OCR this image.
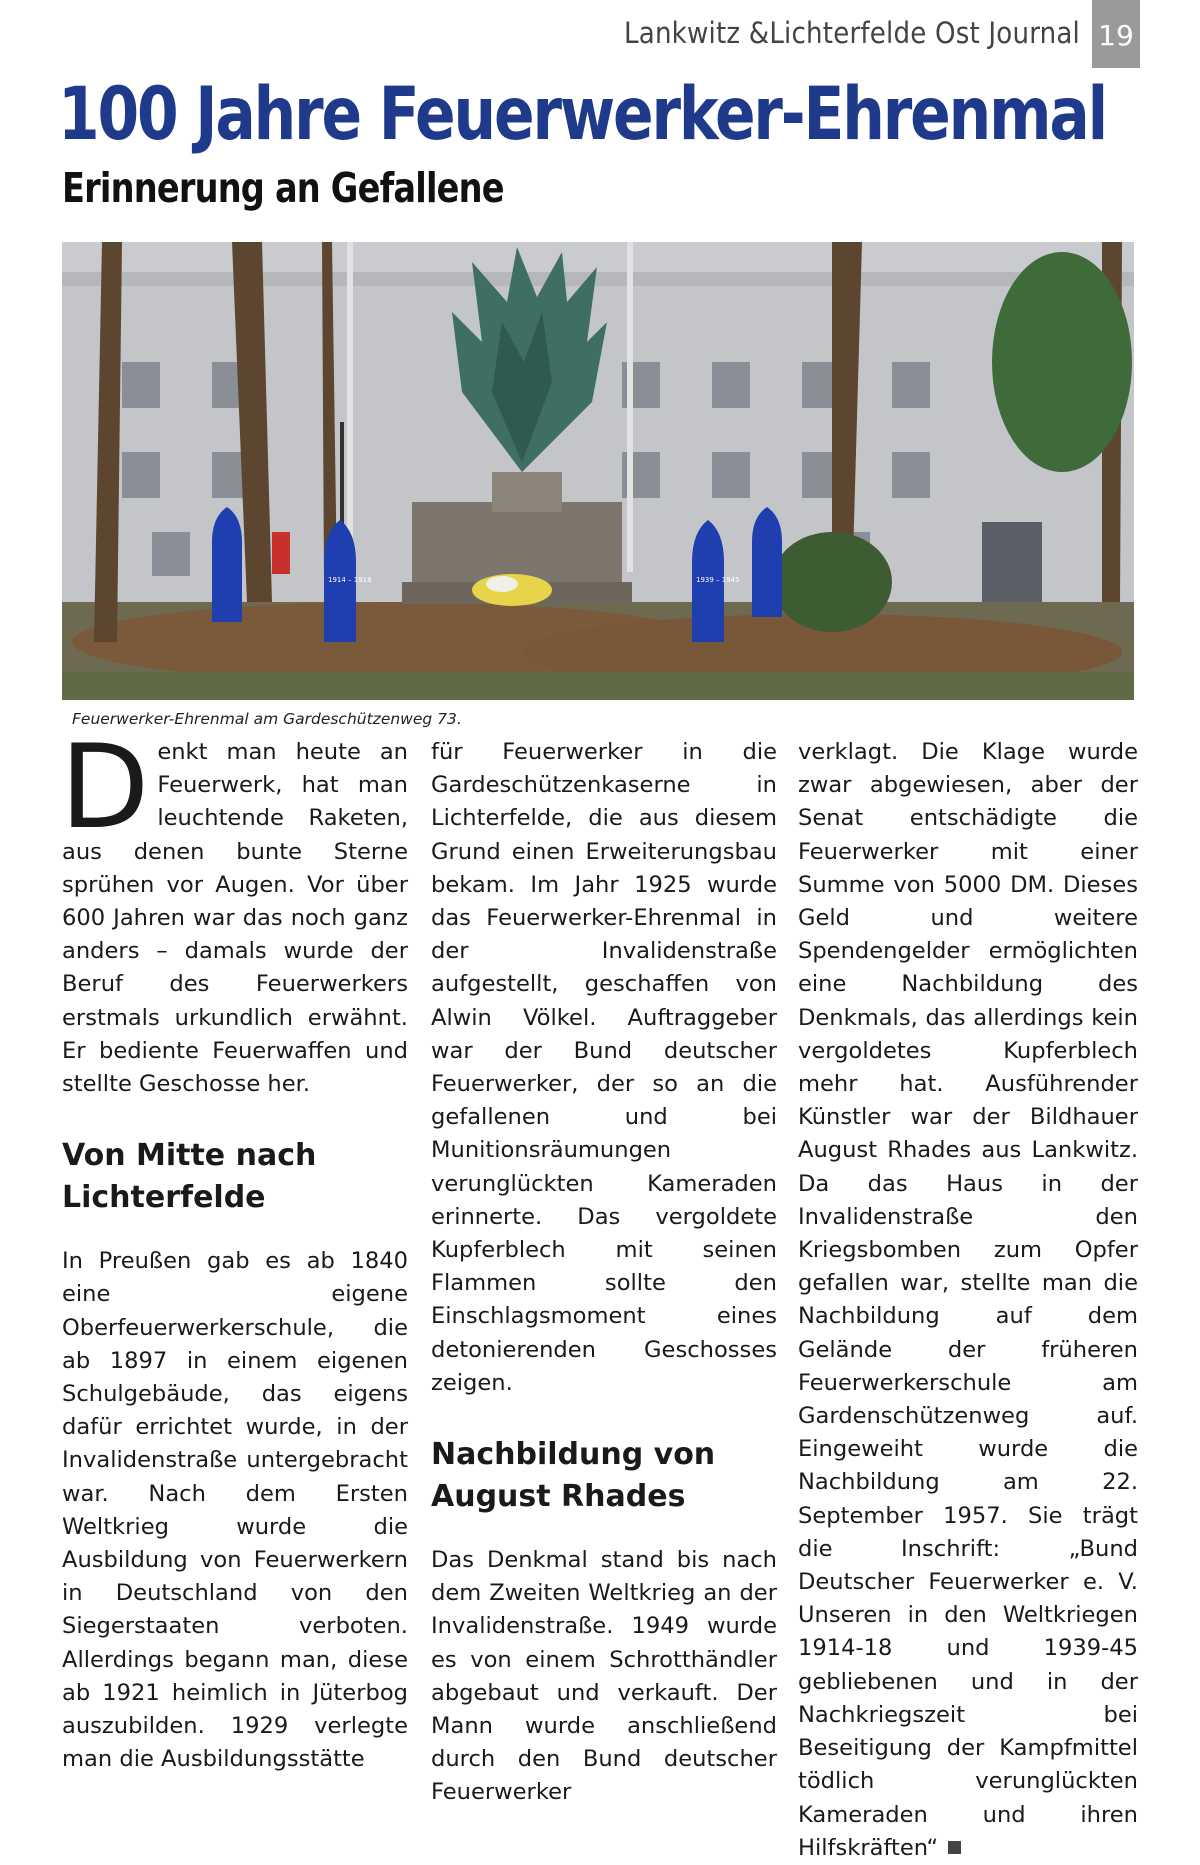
Lankwitz &Lichterfelde Ost Journal 19
100 Jahre Feuerwerker-Ehrenmal
Erinnerung an Gefallene
1914 – 1918	1939 – 1945
Feuerwerker-Ehrenmal am Gardeschützenweg 73.

Denkt man heute an Feuerwerk, hat man leuchtende Raketen, aus denen bunte Sterne sprühen vor Augen. Vor über 600 Jahren war das noch ganz anders – damals wurde der Beruf des Feuerwerkers erstmals urkundlich erwähnt. Er bediente Feuerwaffen und stellte Geschosse her.

Von Mitte nach Lichterfelde

In Preußen gab es ab 1840 eine eigene Oberfeuerwerkerschule, die ab 1897 in einem eigenen Schulgebäude, das eigens dafür errichtet wurde, in der Invalidenstraße untergebracht war. Nach dem Ersten Weltkrieg wurde die Ausbildung von Feuerwerkern in Deutschland von den Siegerstaaten verboten. Allerdings begann man, diese ab 1921 heimlich in Jüterbog auszubilden. 1929 verlegte man die Ausbildungsstätte

für Feuerwerker in die Gardeschützenkaserne in Lichterfelde, die aus diesem Grund einen Erweiterungsbau bekam. Im Jahr 1925 wurde das Feuerwerker-Ehrenmal in der Invalidenstraße aufgestellt, geschaffen von Alwin Völkel. Auftraggeber war der Bund deutscher Feuerwerker, der so an die gefallenen und bei Munitionsräumungen verunglückten Kameraden erinnerte. Das vergoldete Kupferblech mit seinen Flammen sollte den Einschlagsmoment eines detonierenden Geschosses zeigen.

Nachbildung von August Rhades

Das Denkmal stand bis nach dem Zweiten Weltkrieg an der Invalidenstraße. 1949 wurde es von einem Schrotthändler abgebaut und verkauft. Der Mann wurde anschließend durch den Bund deutscher Feuerwerker

verklagt. Die Klage wurde zwar abgewiesen, aber der Senat entschädigte die Feuerwerker mit einer Summe von 5000 DM. Dieses Geld und weitere Spendengelder ermöglichten eine Nachbildung des Denkmals, das allerdings kein vergoldetes Kupferblech mehr hat. Ausführender Künstler war der Bildhauer August Rhades aus Lankwitz. Da das Haus in der Invalidenstraße den Kriegsbomben zum Opfer gefallen war, stellte man die Nachbildung auf dem Gelände der früheren Feuerwerkerschule am Gardenschützenweg auf. Eingeweiht wurde die Nachbildung am 22. September 1957. Sie trägt die Inschrift: „Bund Deutscher Feuerwerker e. V. Unseren in den Weltkriegen 1914-18 und 1939-45 gebliebenen und in der Nachkriegszeit bei Beseitigung der Kampfmittel tödlich verunglückten Kameraden und ihren Hilfskräften“
